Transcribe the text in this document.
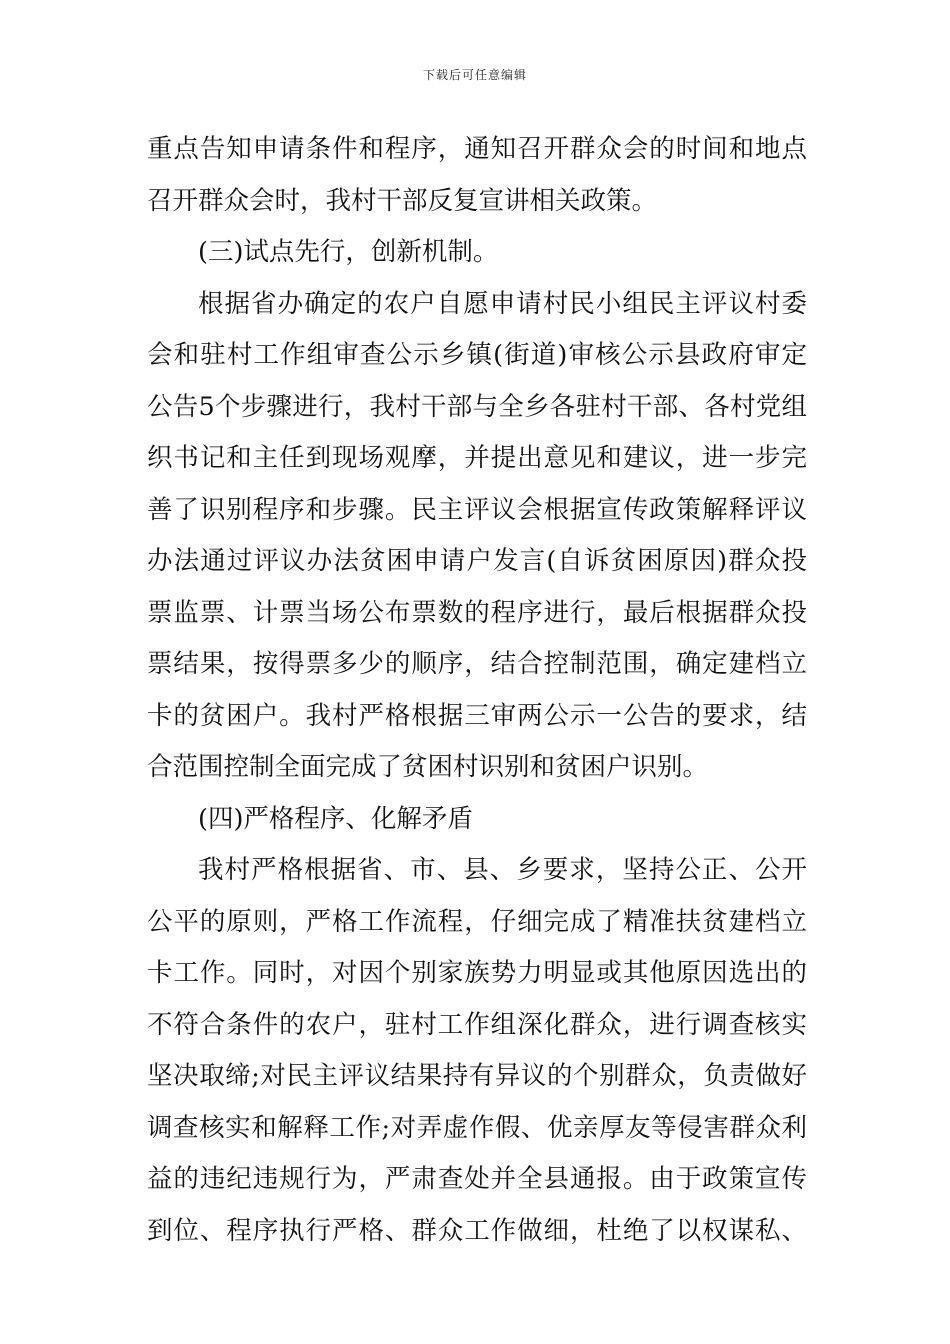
下载后可任意编辑
重点告知申请条件和程序，通知召开群众会的时间和地点
召开群众会时，我村干部反复宣讲相关政策。
(三)试点先行，创新机制。
根据省办确定的农户自愿申请村民小组民主评议村委
会和驻村工作组审查公示乡镇(街道)审核公示县政府审定
公告5个步骤进行，我村干部与全乡各驻村干部、各村党组
织书记和主任到现场观摩，并提出意见和建议，进一步完
善了识别程序和步骤。民主评议会根据宣传政策解释评议
办法通过评议办法贫困申请户发言(自诉贫困原因)群众投
票监票、计票当场公布票数的程序进行，最后根据群众投
票结果，按得票多少的顺序，结合控制范围，确定建档立
卡的贫困户。我村严格根据三审两公示一公告的要求，结
合范围控制全面完成了贫困村识别和贫困户识别。
(四)严格程序、化解矛盾
我村严格根据省、市、县、乡要求，坚持公正、公开
公平的原则，严格工作流程，仔细完成了精准扶贫建档立
卡工作。同时，对因个别家族势力明显或其他原因选出的
不符合条件的农户，驻村工作组深化群众，进行调查核实
坚决取缔;对民主评议结果持有异议的个别群众，负责做好
调查核实和解释工作;对弄虚作假、优亲厚友等侵害群众利
益的违纪违规行为，严肃查处并全县通报。由于政策宣传
到位、程序执行严格、群众工作做细，杜绝了以权谋私、
